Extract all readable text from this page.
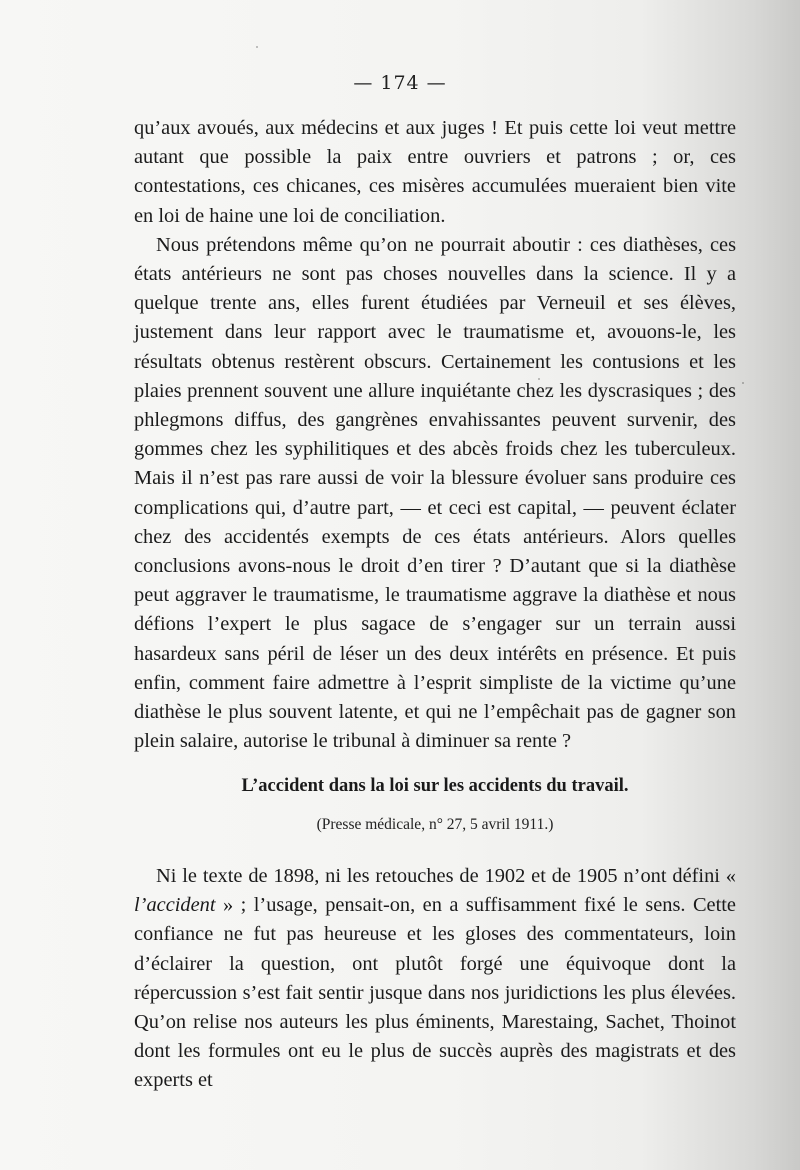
— 174 —

qu’aux avoués, aux médecins et aux juges ! Et puis cette loi veut mettre autant que possible la paix entre ouvriers et patrons ; or, ces contestations, ces chicanes, ces misères accumulées mueraient bien vite en loi de haine une loi de conciliation.

Nous prétendons même qu’on ne pourrait aboutir : ces diathèses, ces états antérieurs ne sont pas choses nouvelles dans la science. Il y a quelque trente ans, elles furent étudiées par Verneuil et ses élèves, justement dans leur rapport avec le traumatisme et, avouons-le, les résultats obtenus restèrent obscurs. Certainement les contusions et les plaies prennent souvent une allure inquiétante chez les dyscrasiques ; des phlegmons diffus, des gangrènes envahissantes peuvent survenir, des gommes chez les syphilitiques et des abcès froids chez les tuberculeux. Mais il n’est pas rare aussi de voir la blessure évoluer sans produire ces complications qui, d’autre part, — et ceci est capital, — peuvent éclater chez des accidentés exempts de ces états antérieurs. Alors quelles conclusions avons-nous le droit d’en tirer ? D’autant que si la diathèse peut aggraver le traumatisme, le traumatisme aggrave la diathèse et nous défions l’expert le plus sagace de s’engager sur un terrain aussi hasardeux sans péril de léser un des deux intérêts en présence. Et puis enfin, comment faire admettre à l’esprit simpliste de la victime qu’une diathèse le plus souvent latente, et qui ne l’empêchait pas de gagner son plein salaire, autorise le tribunal à diminuer sa rente ?

L’accident dans la loi sur les accidents du travail.
(Presse médicale, n° 27, 5 avril 1911.)

Ni le texte de 1898, ni les retouches de 1902 et de 1905 n’ont défini « l’accident » ; l’usage, pensait-on, en a suffisamment fixé le sens. Cette confiance ne fut pas heureuse et les gloses des commentateurs, loin d’éclairer la question, ont plutôt forgé une équivoque dont la répercussion s’est fait sentir jusque dans nos juridictions les plus élevées. Qu’on relise nos auteurs les plus éminents, Marestaing, Sachet, Thoinot dont les formules ont eu le plus de succès auprès des magistrats et des experts et
